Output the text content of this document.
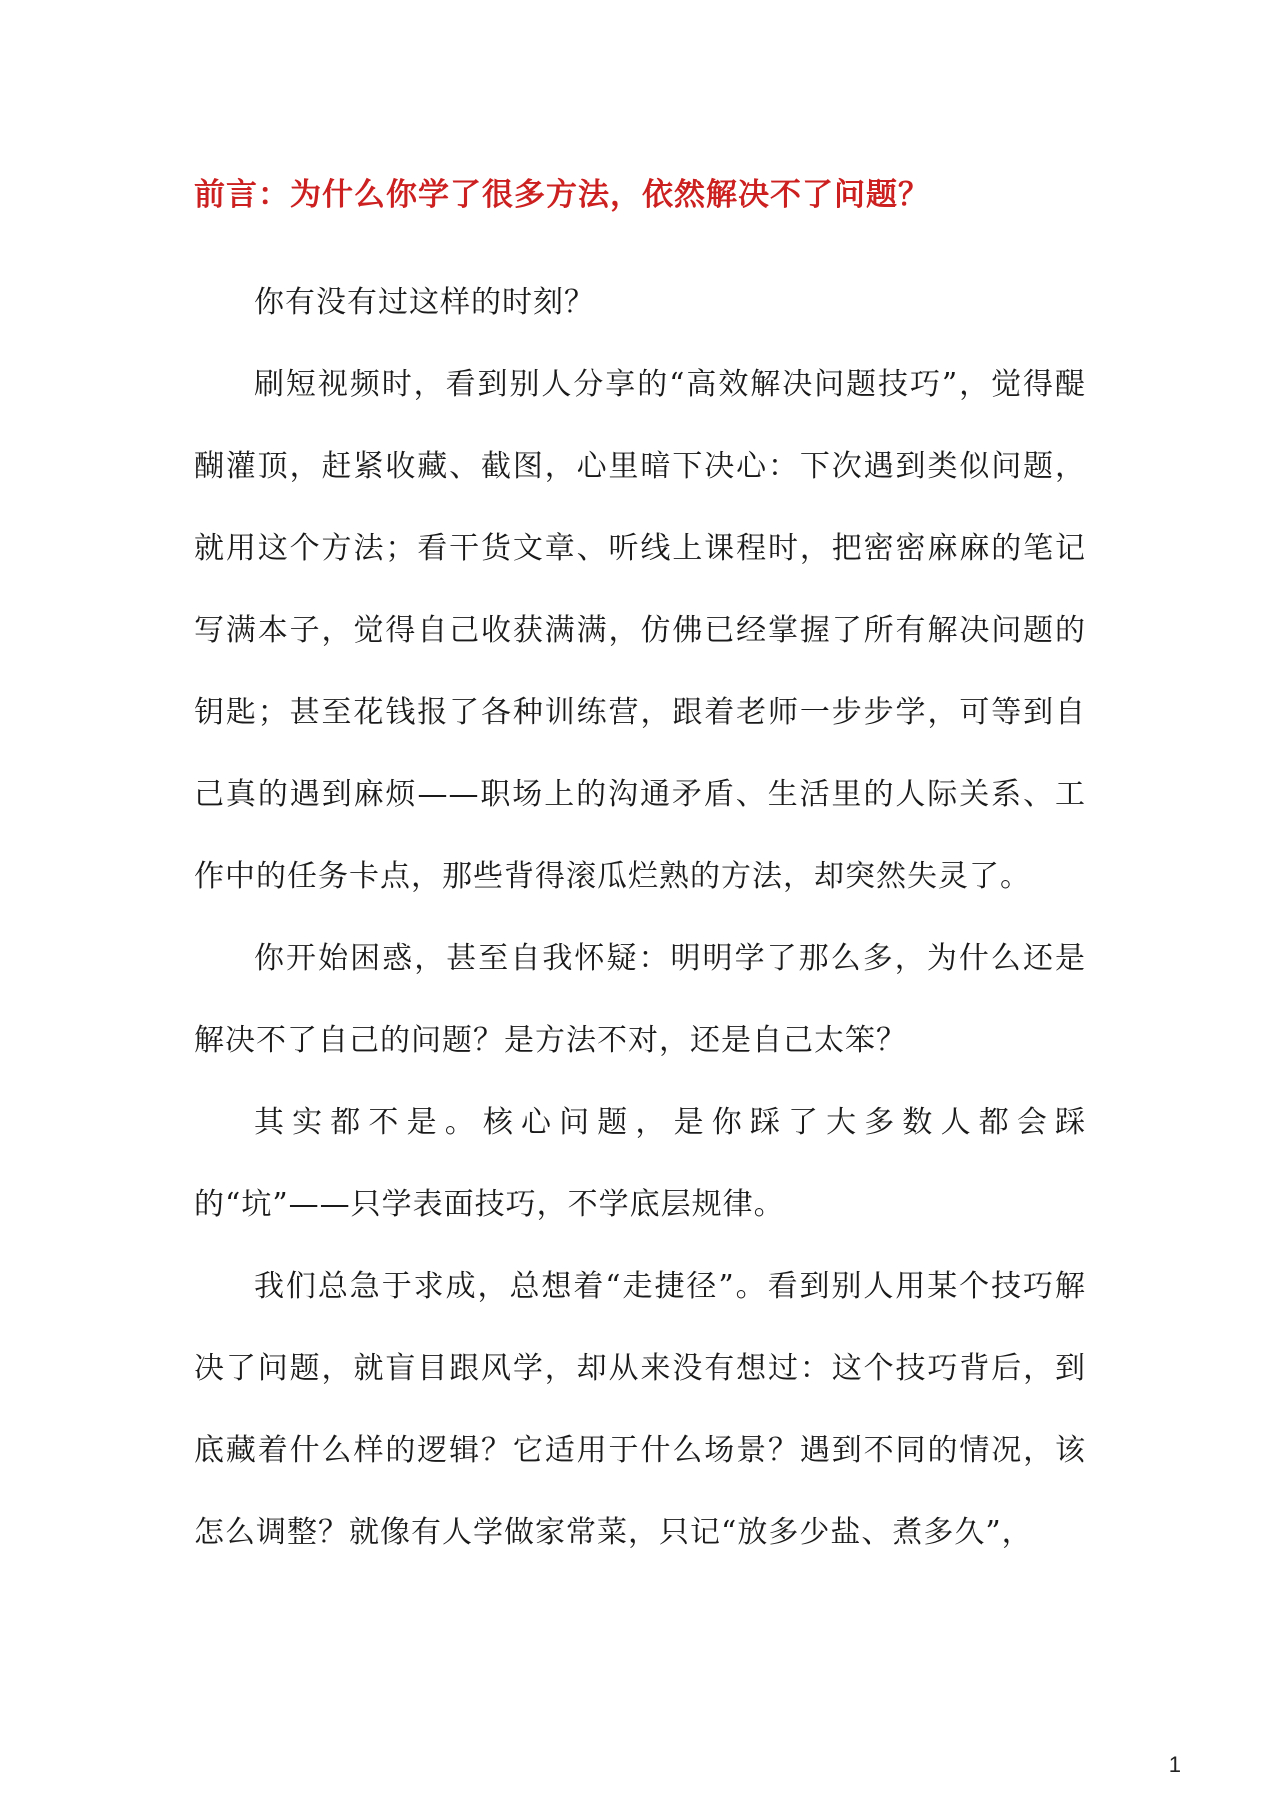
前言：为什么你学了很多方法，依然解决不了问题？

你有没有过这样的时刻？

刷短视频时，看到别人分享的“高效解决问题技巧”，觉得醍醐灌顶，赶紧收藏、截图，心里暗下决心：下次遇到类似问题，就用这个方法；看干货文章、听线上课程时，把密密麻麻的笔记写满本子，觉得自己收获满满，仿佛已经掌握了所有解决问题的钥匙；甚至花钱报了各种训练营，跟着老师一步步学，可等到自己真的遇到麻烦——职场上的沟通矛盾、生活里的人际关系、工作中的任务卡点，那些背得滚瓜烂熟的方法，却突然失灵了。

你开始困惑，甚至自我怀疑：明明学了那么多，为什么还是解决不了自己的问题？是方法不对，还是自己太笨？

其实都不是。核心问题，是你踩了大多数人都会踩的“坑”——只学表面技巧，不学底层规律。

我们总急于求成，总想着“走捷径”。看到别人用某个技巧解决了问题，就盲目跟风学，却从来没有想过：这个技巧背后，到底藏着什么样的逻辑？它适用于什么场景？遇到不同的情况，该怎么调整？就像有人学做家常菜，只记“放多少盐、煮多久”，

1
